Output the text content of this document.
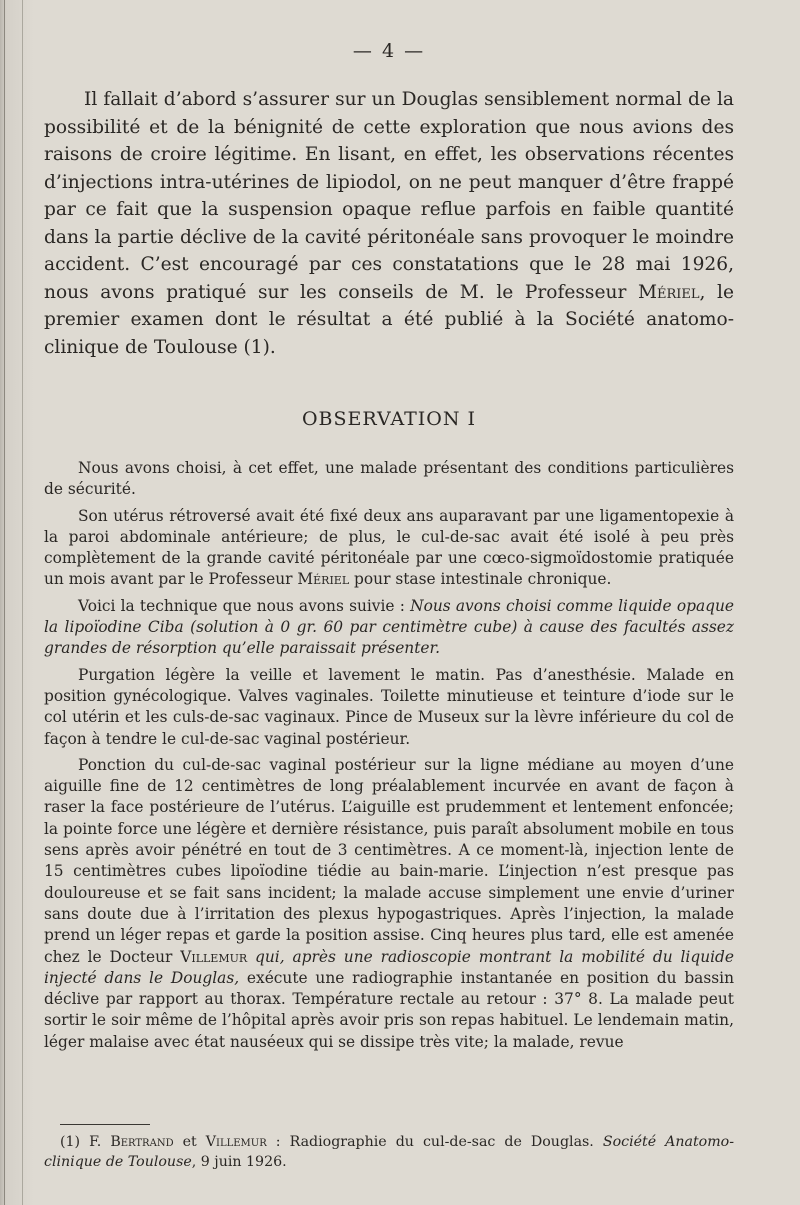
— 4 —

Il fallait d’abord s’assurer sur un Douglas sensiblement normal de la possibilité et de la bénignité de cette exploration que nous avions des raisons de croire légitime. En lisant, en effet, les observations récentes d’injections intra-utérines de lipiodol, on ne peut manquer d’être frappé par ce fait que la suspension opaque reflue parfois en faible quantité dans la partie déclive de la cavité péritonéale sans provoquer le moindre accident. C’est encouragé par ces constatations que le 28 mai 1926, nous avons pratiqué sur les conseils de M. le Professeur Mériel, le premier examen dont le résultat a été publié à la Société anatomo-clinique de Toulouse (1).

OBSERVATION I

Nous avons choisi, à cet effet, une malade présentant des conditions particulières de sécurité.

Son utérus rétroversé avait été fixé deux ans auparavant par une ligamentopexie à la paroi abdominale antérieure; de plus, le cul-de-sac avait été isolé à peu près complètement de la grande cavité péritonéale par une cœco-sigmoïdostomie pratiquée un mois avant par le Professeur Mériel pour stase intestinale chronique.

Voici la technique que nous avons suivie : Nous avons choisi comme liquide opaque la lipoïodine Ciba (solution à 0 gr. 60 par centimètre cube) à cause des facultés assez grandes de résorption qu’elle paraissait présenter.

Purgation légère la veille et lavement le matin. Pas d’anesthésie. Malade en position gynécologique. Valves vaginales. Toilette minutieuse et teinture d’iode sur le col utérin et les culs-de-sac vaginaux. Pince de Museux sur la lèvre inférieure du col de façon à tendre le cul-de-sac vaginal postérieur.

Ponction du cul-de-sac vaginal postérieur sur la ligne médiane au moyen d’une aiguille fine de 12 centimètres de long préalablement incurvée en avant de façon à raser la face postérieure de l’utérus. L’aiguille est prudemment et lentement enfoncée; la pointe force une légère et dernière résistance, puis paraît absolument mobile en tous sens après avoir pénétré en tout de 3 centimètres. A ce moment-là, injection lente de 15 centimètres cubes lipoïodine tiédie au bain-marie. L’injection n’est presque pas douloureuse et se fait sans incident; la malade accuse simplement une envie d’uriner sans doute due à l’irritation des plexus hypogastriques. Après l’injection, la malade prend un léger repas et garde la position assise. Cinq heures plus tard, elle est amenée chez le Docteur Villemur qui, après une radioscopie montrant la mobilité du liquide injecté dans le Douglas, exécute une radiographie instantanée en position du bassin déclive par rapport au thorax. Température rectale au retour : 37° 8. La malade peut sortir le soir même de l’hôpital après avoir pris son repas habituel. Le lendemain matin, léger malaise avec état nauséeux qui se dissipe très vite; la malade, revue

(1) F. Bertrand et Villemur : Radiographie du cul-de-sac de Douglas. Société Anatomo-clinique de Toulouse, 9 juin 1926.
